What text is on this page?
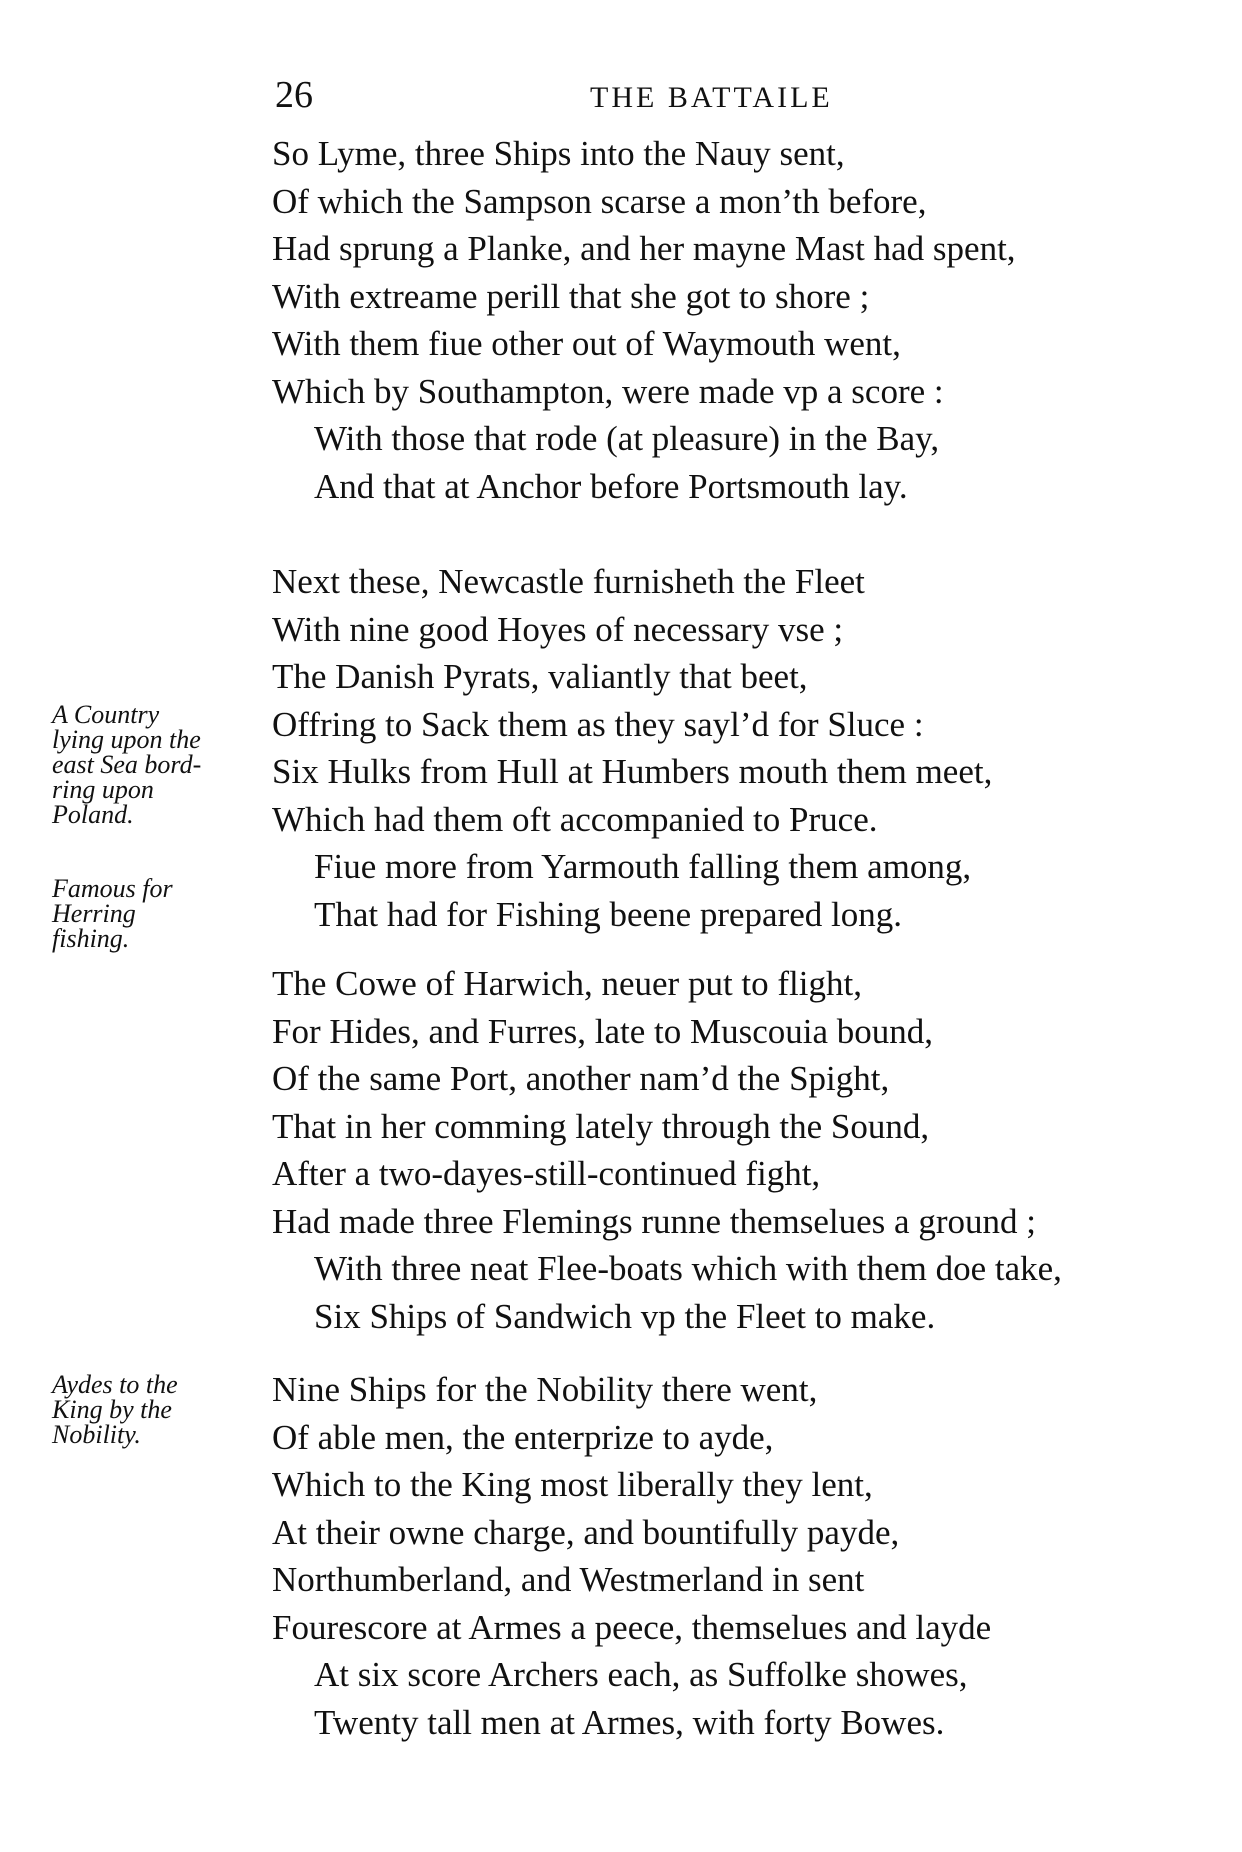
26	THE BATTAILE
So Lyme, three Ships into the Nauy sent,
Of which the Sampson scarse a mon’th before,
Had sprung a Planke, and her mayne Mast had spent,
With extreame perill that she got to shore ;
With them fiue other out of Waymouth went,
Which by Southampton, were made vp a score :
With those that rode (at pleasure) in the Bay,
And that at Anchor before Portsmouth lay.
Next these, Newcastle furnisheth the Fleet
With nine good Hoyes of necessary vse ;
The Danish Pyrats, valiantly that beet,
Offring to Sack them as they sayl’d for Sluce :
Six Hulks from Hull at Humbers mouth them meet,
Which had them oft accompanied to Pruce.
Fiue more from Yarmouth falling them among,
That had for Fishing beene prepared long.
The Cowe of Harwich, neuer put to flight,
For Hides, and Furres, late to Muscouia bound,
Of the same Port, another nam’d the Spight,
That in her comming lately through the Sound,
After a two-dayes-still-continued fight,
Had made three Flemings runne themselues a ground ;
With three neat Flee-boats which with them doe take,
Six Ships of Sandwich vp the Fleet to make.
Nine Ships for the Nobility there went,
Of able men, the enterprize to ayde,
Which to the King most liberally they lent,
At their owne charge, and bountifully payde,
Northumberland, and Westmerland in sent
Fourescore at Armes a peece, themselues and layde
At six score Archers each, as Suffolke showes,
Twenty tall men at Armes, with forty Bowes.
A Country
lying upon the
east Sea bord-
ring upon
Poland.
Famous for
Herring
fishing.
Aydes to the
King by the
Nobility.
